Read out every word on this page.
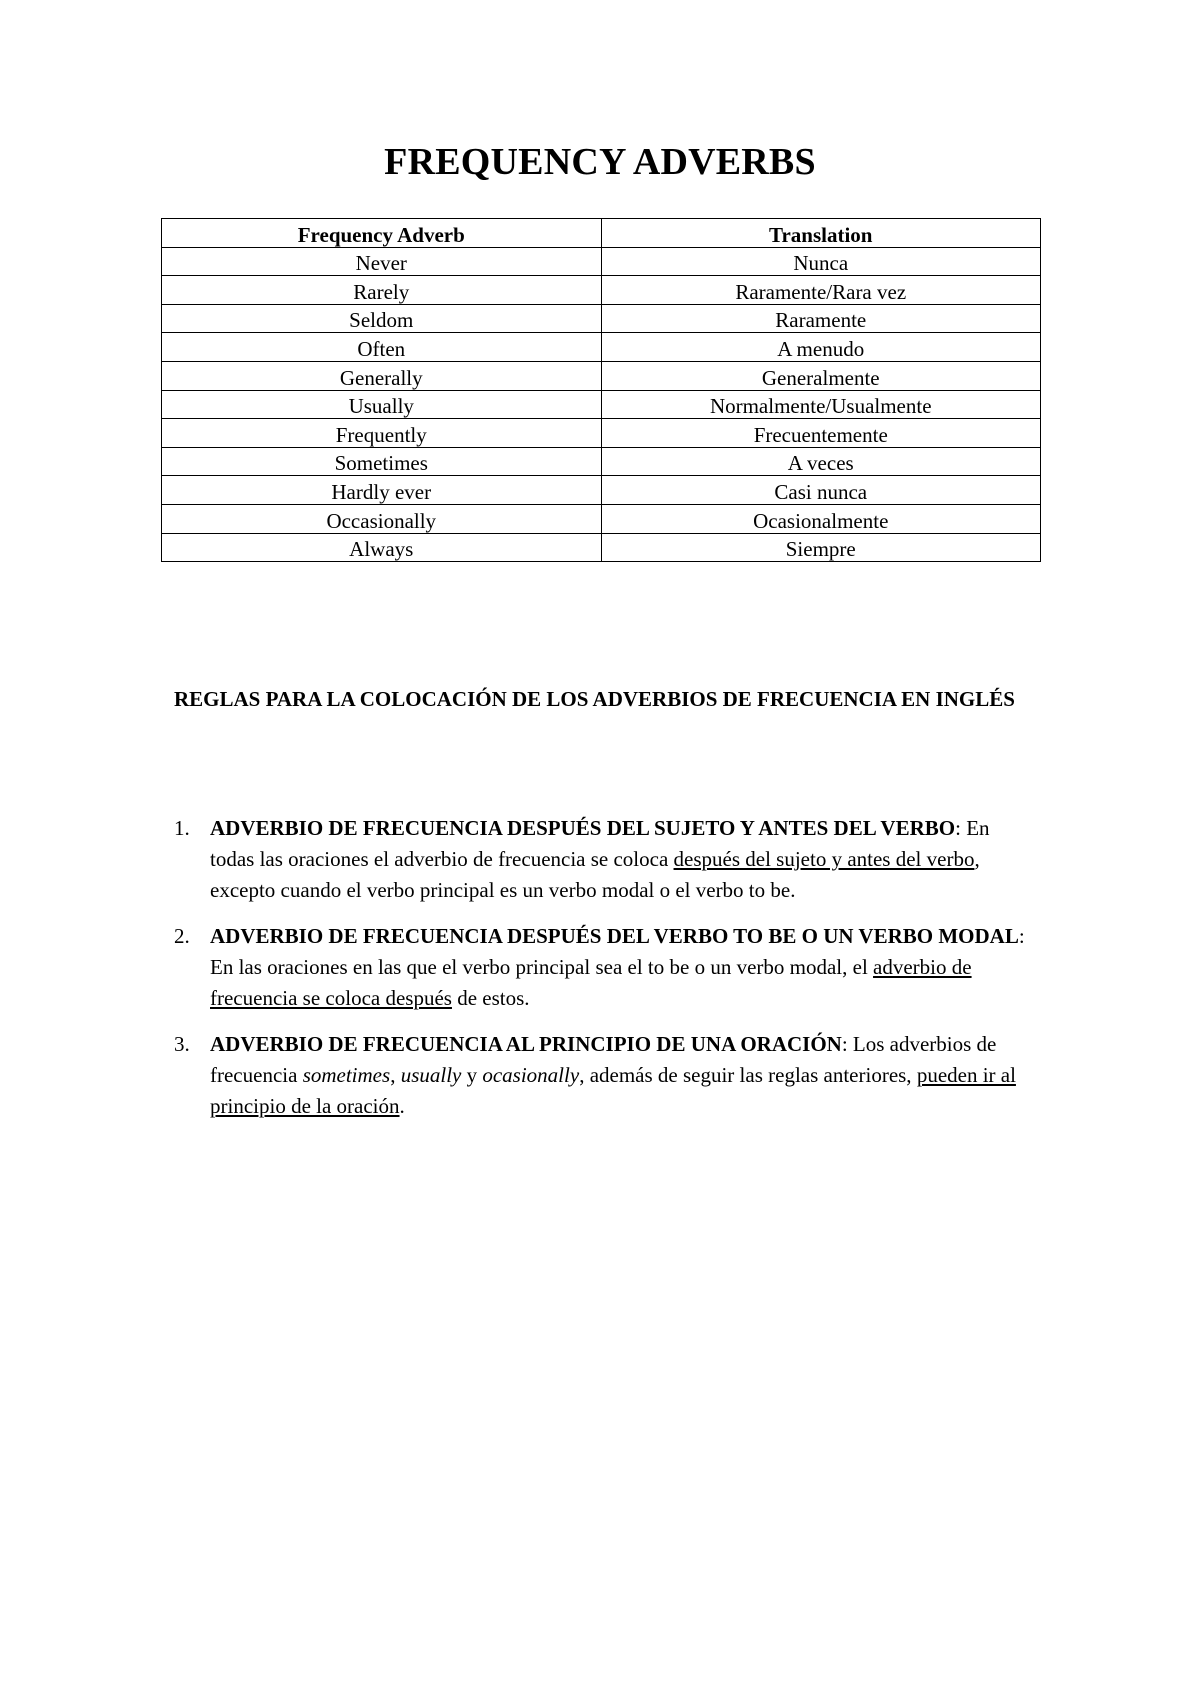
FREQUENCY ADVERBS
Frequency Adverb	Translation
Never	Nunca
Rarely	Raramente/Rara vez
Seldom	Raramente
Often	A menudo
Generally	Generalmente
Usually	Normalmente/Usualmente
Frequently	Frecuentemente
Sometimes	A veces
Hardly ever	Casi nunca
Occasionally	Ocasionalmente
Always	Siempre
REGLAS PARA LA COLOCACIÓN DE LOS ADVERBIOS DE FRECUENCIA EN INGLÉS
1. ADVERBIO DE FRECUENCIA DESPUÉS DEL SUJETO Y ANTES DEL VERBO: En todas las oraciones el adverbio de frecuencia se coloca después del sujeto y antes del verbo, excepto cuando el verbo principal es un verbo modal o el verbo to be.
2. ADVERBIO DE FRECUENCIA DESPUÉS DEL VERBO TO BE O UN VERBO MODAL: En las oraciones en las que el verbo principal sea el to be o un verbo modal, el adverbio de frecuencia se coloca después de estos.
3. ADVERBIO DE FRECUENCIA AL PRINCIPIO DE UNA ORACIÓN: Los adverbios de frecuencia sometimes, usually y ocasionally, además de seguir las reglas anteriores, pueden ir al principio de la oración.
